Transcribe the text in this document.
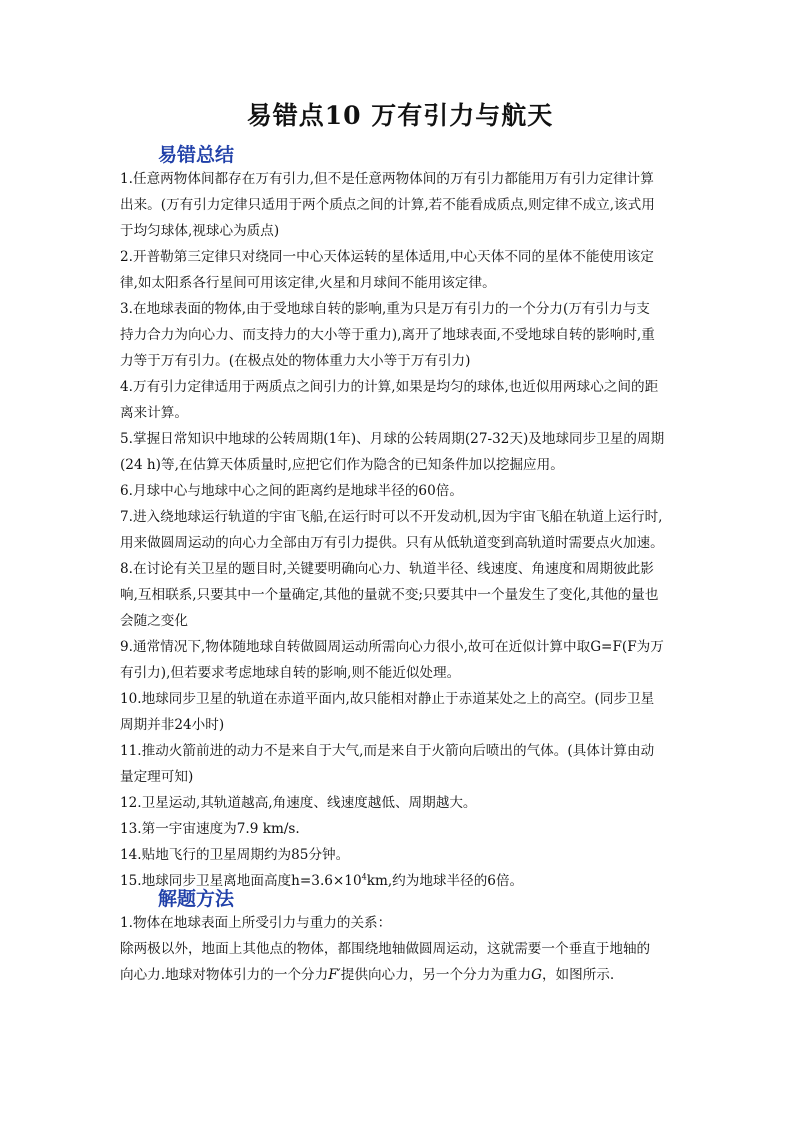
易错点10 万有引力与航天
易错总结
1.任意两物体间都存在万有引力,但不是任意两物体间的万有引力都能用万有引力定律计算
出来。(万有引力定律只适用于两个质点之间的计算,若不能看成质点,则定律不成立,该式用
于均匀球体,视球心为质点)
2.开普勒第三定律只对绕同一中心天体运转的星体适用,中心天体不同的星体不能使用该定
律,如太阳系各行星间可用该定律,火星和月球间不能用该定律。
3.在地球表面的物体,由于受地球自转的影响,重为只是万有引力的一个分力(万有引力与支
持力合力为向心力、而支持力的大小等于重力),离开了地球表面,不受地球自转的影响时,重
力等于万有引力。(在极点处的物体重力大小等于万有引力)
4.万有引力定律适用于两质点之间引力的计算,如果是均匀的球体,也近似用两球心之间的距
离来计算。
5.掌握日常知识中地球的公转周期(1年)、月球的公转周期(27-32天)及地球同步卫星的周期
(24 h)等,在估算天体质量时,应把它们作为隐含的已知条件加以挖掘应用。
6.月球中心与地球中心之间的距离约是地球半径的60倍。
7.进入绕地球运行轨道的宇宙飞船,在运行时可以不开发动机,因为宇宙飞船在轨道上运行时,
用来做圆周运动的向心力全部由万有引力提供。只有从低轨道变到高轨道时需要点火加速。
8.在讨论有关卫星的题目时,关键要明确向心力、轨道半径、线速度、角速度和周期彼此影
响,互相联系,只要其中一个量确定,其他的量就不变;只要其中一个量发生了变化,其他的量也
会随之变化
9.通常情况下,物体随地球自转做圆周运动所需向心力很小,故可在近似计算中取G=F(F为万
有引力),但若要求考虑地球自转的影响,则不能近似处理。
10.地球同步卫星的轨道在赤道平面内,故只能相对静止于赤道某处之上的高空。(同步卫星
周期并非24小时)
11.推动火箭前进的动力不是来自于大气,而是来自于火箭向后喷出的气体。(具体计算由动
量定理可知)
12.卫星运动,其轨道越高,角速度、线速度越低、周期越大。
13.第一宇宙速度为7.9 km/s.
14.贴地飞行的卫星周期约为85分钟。
15.地球同步卫星离地面高度$h=3.6\times 10^4km$,约为地球半径的6倍。
解题方法
1.物体在地球表面上所受引力与重力的关系：
除两极以外，地面上其他点的物体，都围绕地轴做圆周运动，这就需要一个垂直于地轴的
向心力.地球对物体引力的一个分力F′提供向心力，另一个分力为重力G，如图所示.
